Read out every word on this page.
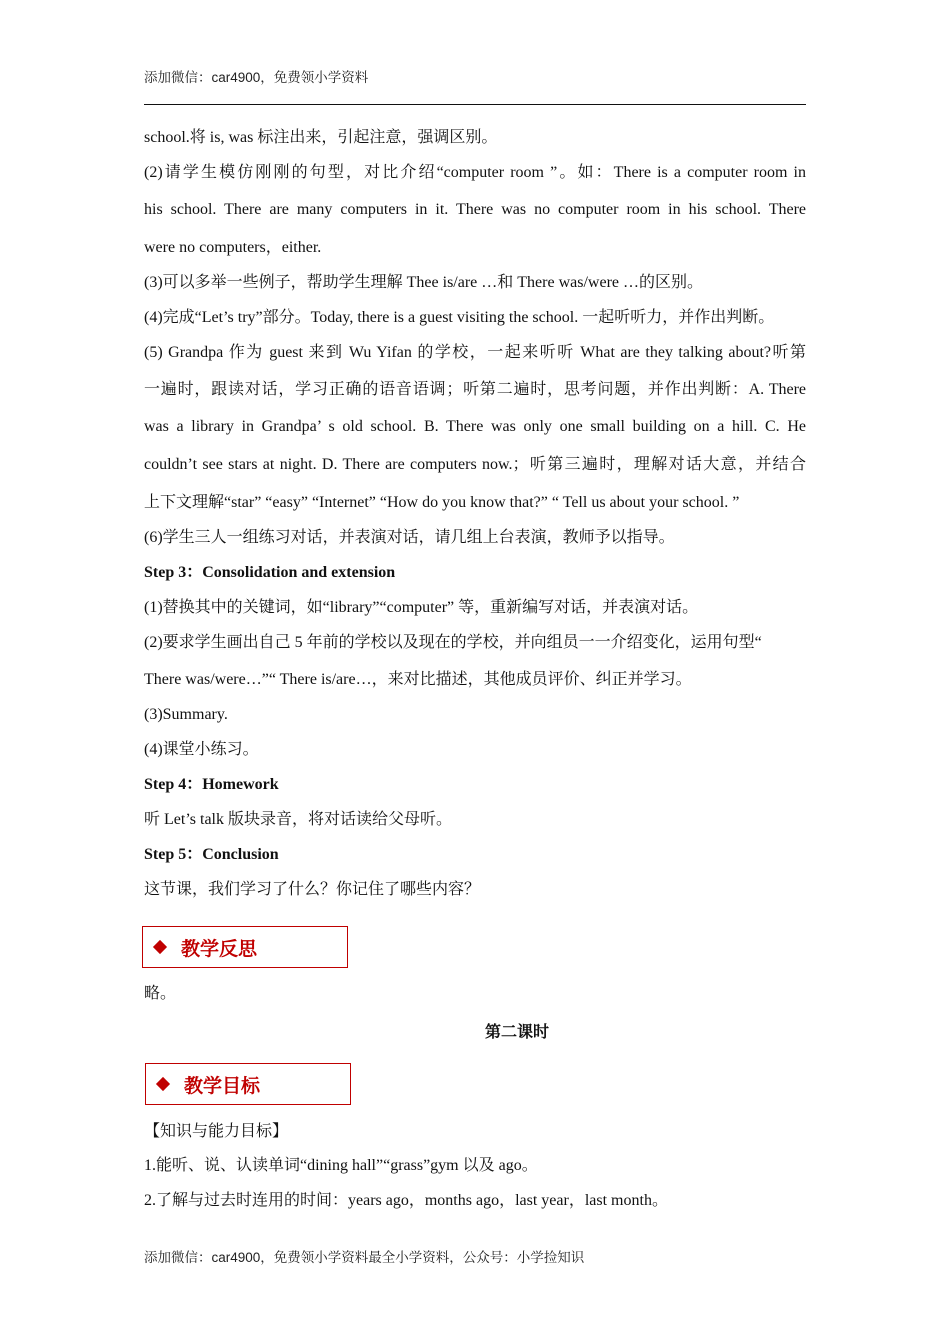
添加微信：car4900，免费领小学资料
school.将 is, was 标注出来，引起注意，强调区别。
(2)请学生模仿刚刚的句型，对比介绍“computer room ”。如：There is a computer room in
his school. There are many computers in it. There was no computer room in his school. There
were no computers，either.
(3)可以多举一些例子，帮助学生理解 Thee is/are …和 There was/were …的区别。
(4)完成“Let’s try”部分。Today, there is a guest visiting the school. 一起听听力，并作出判断。
(5) Grandpa 作为 guest 来到 Wu Yifan 的学校，一起来听听 What are they talking about?听第
一遍时，跟读对话，学习正确的语音语调；听第二遍时，思考问题，并作出判断：A. There
was a library in Grandpa’ s old school. B. There was only one small building on a hill. C. He
couldn’t see stars at night. D. There are computers now.；听第三遍时，理解对话大意，并结合
上下文理解“star” “easy” “Internet” “How do you know that?” “ Tell us about your school. ”
(6)学生三人一组练习对话，并表演对话，请几组上台表演，教师予以指导。
Step 3：Consolidation and extension
(1)替换其中的关键词，如“library”“computer” 等，重新编写对话，并表演对话。
(2)要求学生画出自己 5 年前的学校以及现在的学校，并向组员一一介绍变化，运用句型“
There was/were…”“ There is/are…，来对比描述，其他成员评价、纠正并学习。
(3)Summary.
(4)课堂小练习。
Step 4：Homework
听 Let’s talk 版块录音，将对话读给父母听。
Step 5：Conclusion
这节课，我们学习了什么？你记住了哪些内容？
教学反思
略。
第二课时
教学目标
【知识与能力目标】
1.能听、说、认读单词“dining hall”“grass”gym 以及 ago。
2.了解与过去时连用的时间：years ago，months ago，last year，last month。
添加微信：car4900，免费领小学资料最全小学资料，公众号：小学捡知识
